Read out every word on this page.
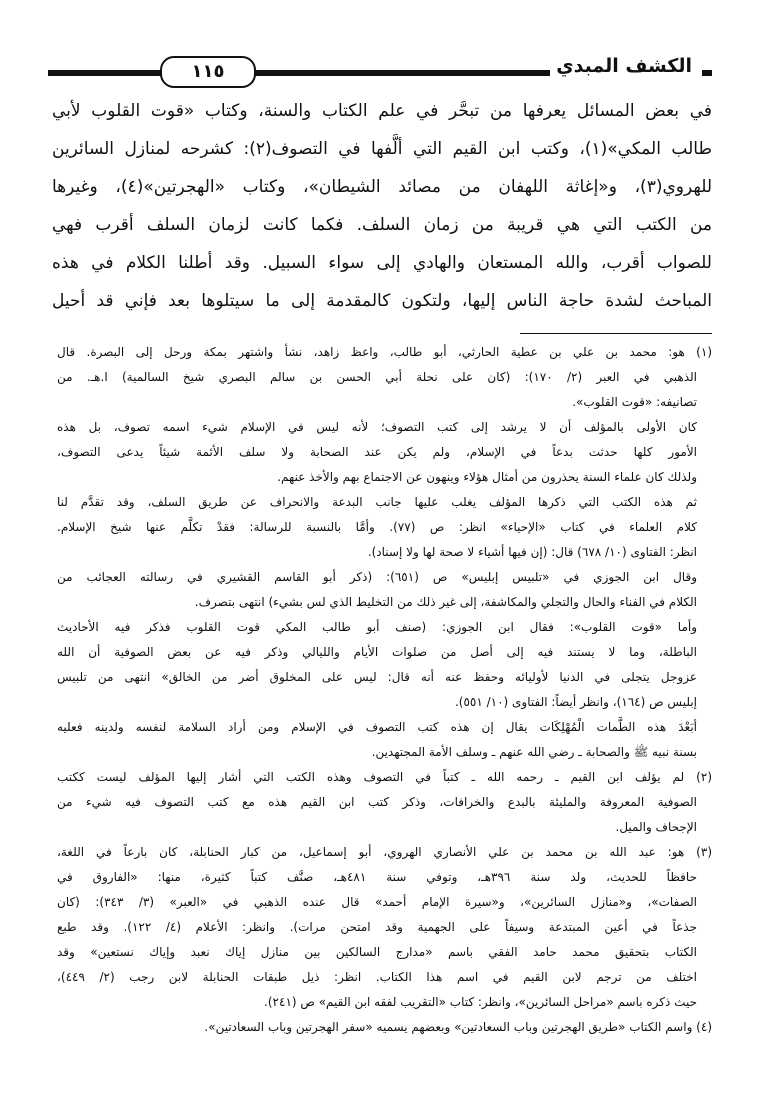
الكشف المبدي
١١٥
في بعض المسائل يعرفها من تبحَّر في علم الكتاب والسنة، وكتاب «قوت القلوب لأبي
طالب المكي»(١)، وكتب ابن القيم التي ألَّفها في التصوف(٢): كشرحه لمنازل السائرين
للهروي(٣)، و«إغاثة اللهفان من مصائد الشيطان»، وكتاب «الهجرتين»(٤)، وغيرها
من الكتب التي هي قريبة من زمان السلف. فكما كانت لزمان السلف أقرب فهي
للصواب أقرب، والله المستعان والهادي إلى سواء السبيل. وقد أطلنا الكلام في هذه
المباحث لشدة حاجة الناس إليها، ولتكون كالمقدمة إلى ما سيتلوها بعد فإني قد أحيل
(١) هو: محمد بن علي بن عطية الحارثي، أبو طالب، واعظ زاهد، نشأ واشتهر بمكة ورحل إلى البصرة. قال
الذهبي في العبر (٢/ ١٧٠): (كان على نحلة أبي الحسن بن سالم البصري شيخ السالمية) ا.هـ. من
تصانيفه: «قوت القلوب».
كان الأولى بالمؤلف أن لا يرشد إلى كتب التصوف؛ لأنه ليس في الإسلام شيء اسمه تصوف، بل هذه
الأمور كلها حدثت بدعاً في الإسلام، ولم يكن عند الصحابة ولا سلف الأئمة شيئاً يدعى التصوف،
ولذلك كان علماء السنة يحذرون من أمثال هؤلاء وينهون عن الاجتماع بهم والأخذ عنهم.
ثم هذه الكتب التي ذكرها المؤلف يغلب عليها جانب البدعة والانحراف عن طريق السلف، وقد تقدَّم لنا
كلام العلماء في كتاب «الإحياء» انظر: ص (٧٧). وأمَّا بالنسبة للرسالة: فقدْ تكلَّم عنها شيخ الإسلام.
انظر: الفتاوى (١٠/ ٦٧٨) قال: (إن فيها أشياء لا صحة لها ولا إسناد).
وقال ابن الجوزي في «تلبيس إبليس» ص (٦٥١): (ذكر أبو القاسم القشيري في رسالته العجائب من
الكلام في الفناء والحال والتجلي والمكاشفة، إلى غير ذلك من التخليط الذي لس بشيء) انتهى بتصرف.
وأما «قوت القلوب»: فقال ابن الجوزي: (صنف أبو طالب المكي قوت القلوب فذكر فيه الأحاديث
الباطلة، وما لا يستند فيه إلى أصل من صلوات الأيام والليالي وذكر فيه عن بعض الصوفية أن الله
عزوجل يتجلى في الدنيا لأوليائه وحفظ عنه أنه قال: ليس على المخلوق أضر من الخالق» انتهى من تلبيس
إبليس ص (١٦٤)، وانظر أيضاً: الفتاوى (١٠/ ٥٥١).
أبَعْدَ هذه الطَّمات الْمُهْلِكَات يقال إن هذه كتب التصوف في الإسلام ومن أراد السلامة لنفسه ولدينه فعليه
بسنة نبيه ﷺ والصحابة ـ رضي الله عنهم ـ وسلف الأمة المجتهدين.
(٢) لم يؤلف ابن القيم ـ رحمه الله ـ كتباً في التصوف وهذه الكتب التي أشار إليها المؤلف ليست ككتب
الصوفية المعروفة والمليئة بالبدع والخرافات، وذكر كتب ابن القيم هذه مع كتب التصوف فيه شيء من
الإجحاف والميل.
(٣) هو: عبد الله بن محمد بن علي الأنصاري الهروي، أبو إسماعيل، من كبار الحنابلة، كان بارعاً في اللغة،
حافظاً للحديث، ولد سنة ٣٩٦هـ، وتوفي سنة ٤٨١هـ، صنَّف كتباً كثيرة، منها: «الفاروق في
الصفات»، و«منازل السائرين»، و«سيرة الإمام أحمد» قال عنده الذهبي في «العبر» (٣/ ٣٤٣): (كان
جذعاً في أعين المبتدعة وسيفاً على الجهمية وقد امتحن مرات). وانظر: الأعلام (٤/ ١٢٢). وقد طبع
الكتاب بتحقيق محمد حامد الفقي باسم «مدارج السالكين بين منازل إياك نعبد وإياك نستعين» وقد
اختلف من ترجم لابن القيم في اسم هذا الكتاب. انظر: ذيل طبقات الحنابلة لابن رجب (٢/ ٤٤٩)،
حيث ذكره باسم «مراحل السائرين»، وانظر: كتاب «التقريب لفقه ابن القيم» ص (٢٤١).
(٤) واسم الكتاب «طريق الهجرتين وباب السعادتين» وبعضهم يسميه «سفر الهجرتين وباب السعادتين».
